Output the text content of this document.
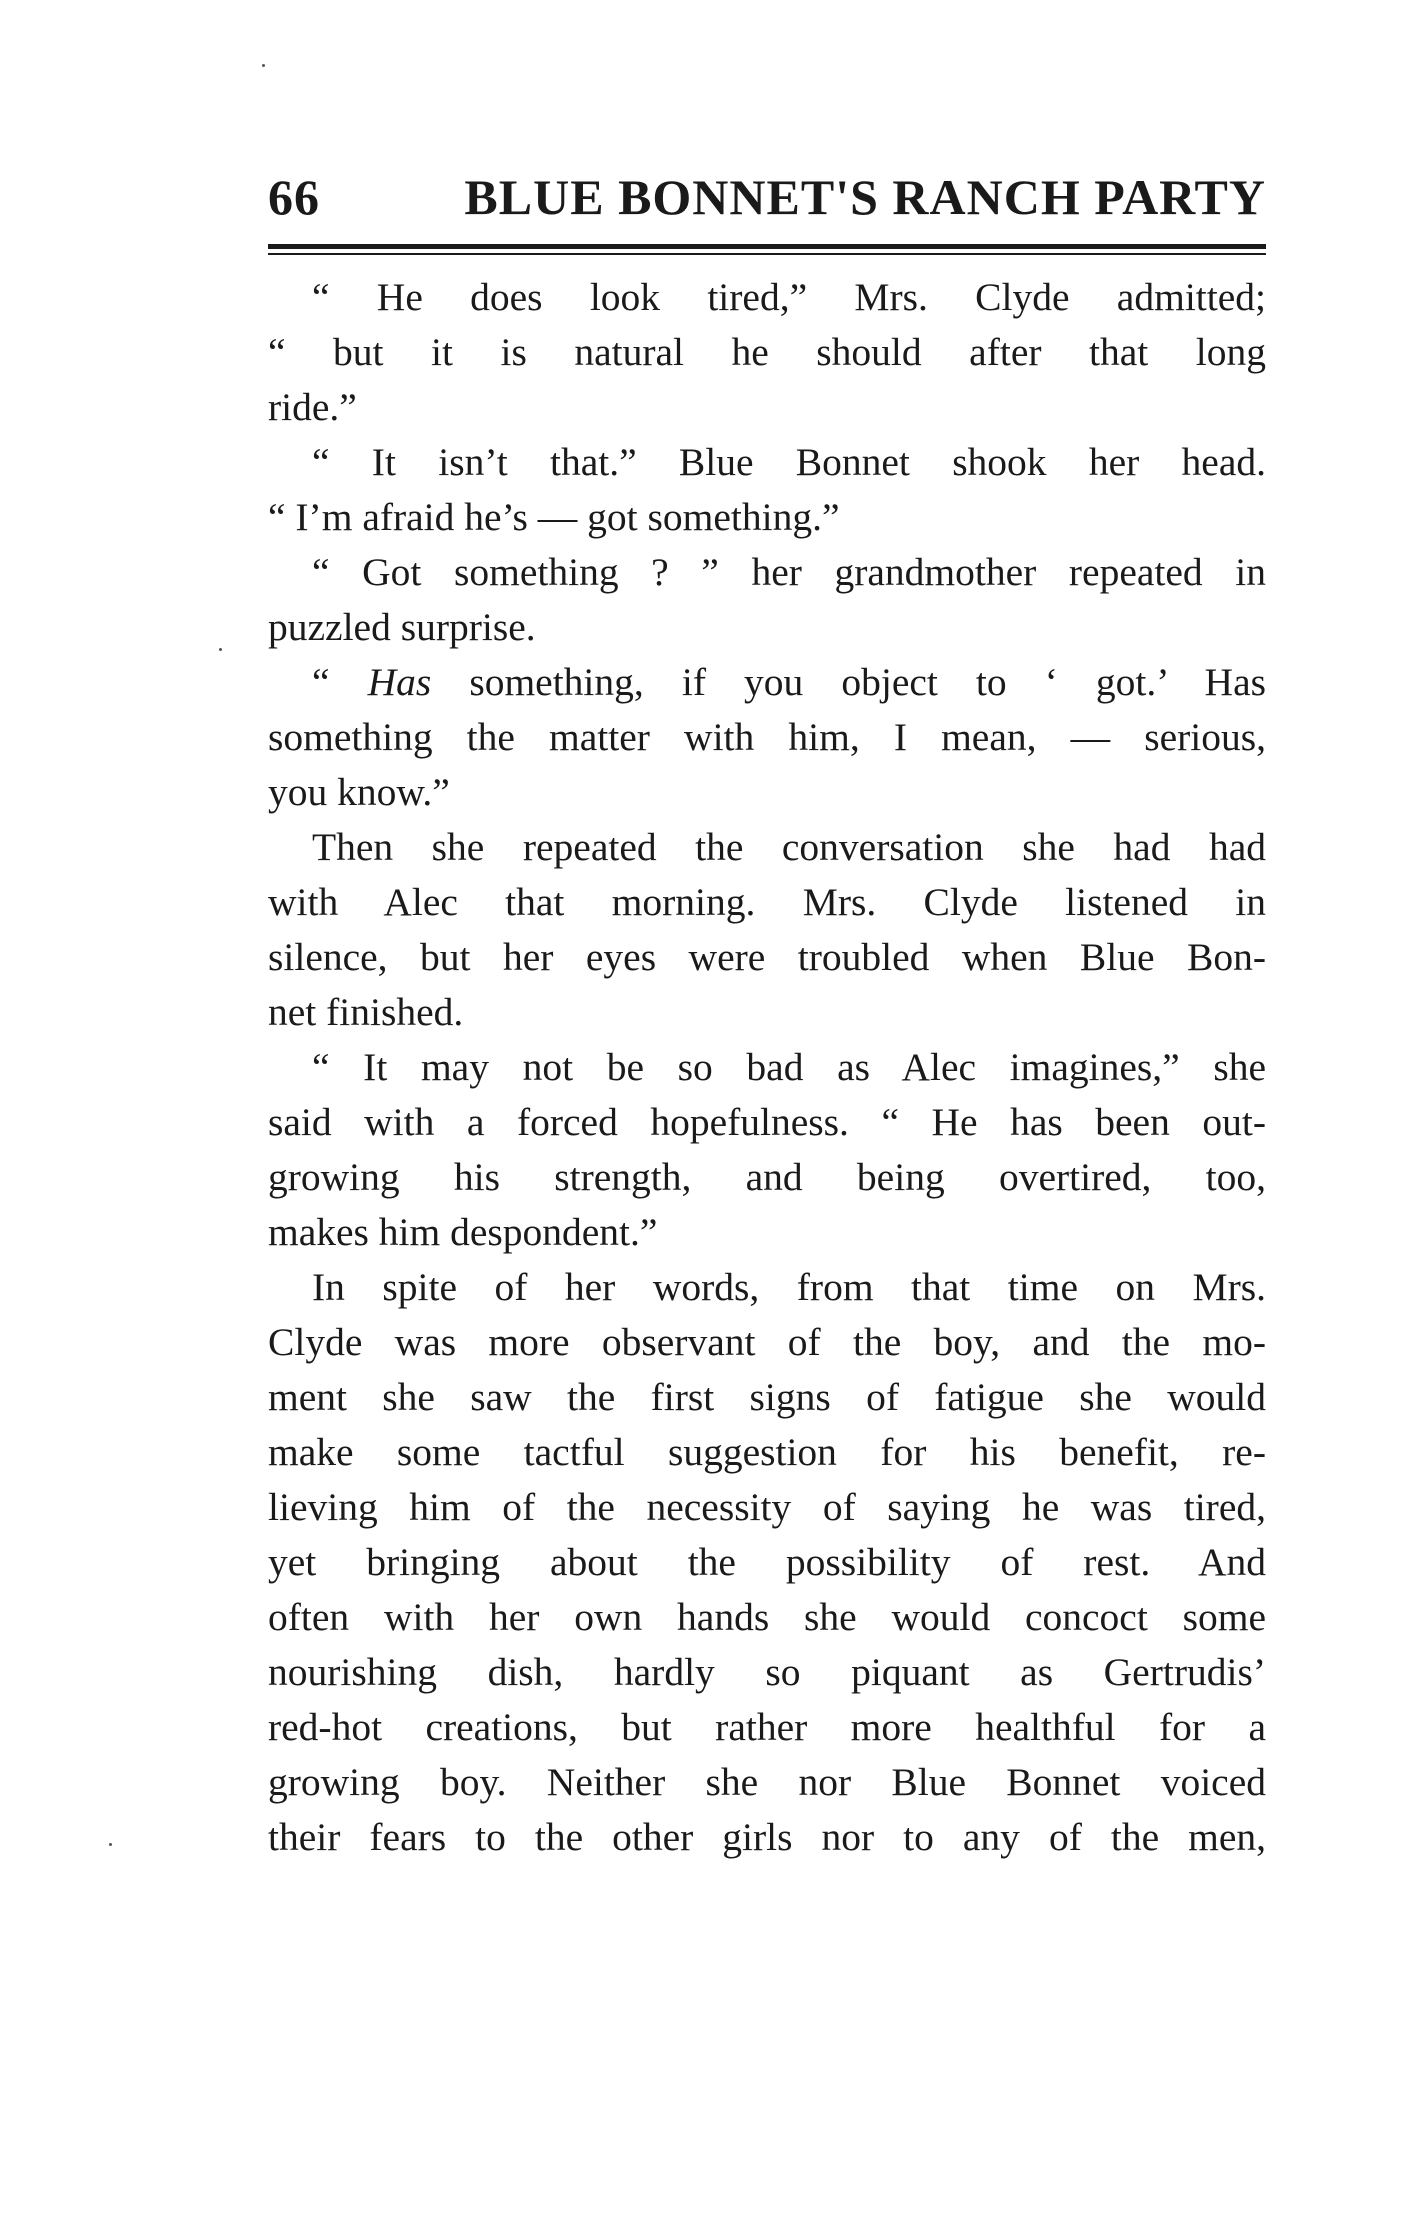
66	BLUE BONNET'S RANCH PARTY
“ He does look tired,” Mrs. Clyde admitted;
“ but it is natural he should after that long
ride.”
“ It isn’t that.” Blue Bonnet shook her head.
“ I’m afraid he’s — got something.”
“ Got something ? ” her grandmother repeated in
puzzled surprise.
“ Has something, if you object to ‘ got.’ Has
something the matter with him, I mean, — serious,
you know.”
Then she repeated the conversation she had had
with Alec that morning. Mrs. Clyde listened in
silence, but her eyes were troubled when Blue Bon-
net finished.
“ It may not be so bad as Alec imagines,” she
said with a forced hopefulness. “ He has been out-
growing his strength, and being overtired, too,
makes him despondent.”
In spite of her words, from that time on Mrs.
Clyde was more observant of the boy, and the mo-
ment she saw the first signs of fatigue she would
make some tactful suggestion for his benefit, re-
lieving him of the necessity of saying he was tired,
yet bringing about the possibility of rest. And
often with her own hands she would concoct some
nourishing dish, hardly so piquant as Gertrudis’
red-hot creations, but rather more healthful for a
growing boy. Neither she nor Blue Bonnet voiced
their fears to the other girls nor to any of the men,
